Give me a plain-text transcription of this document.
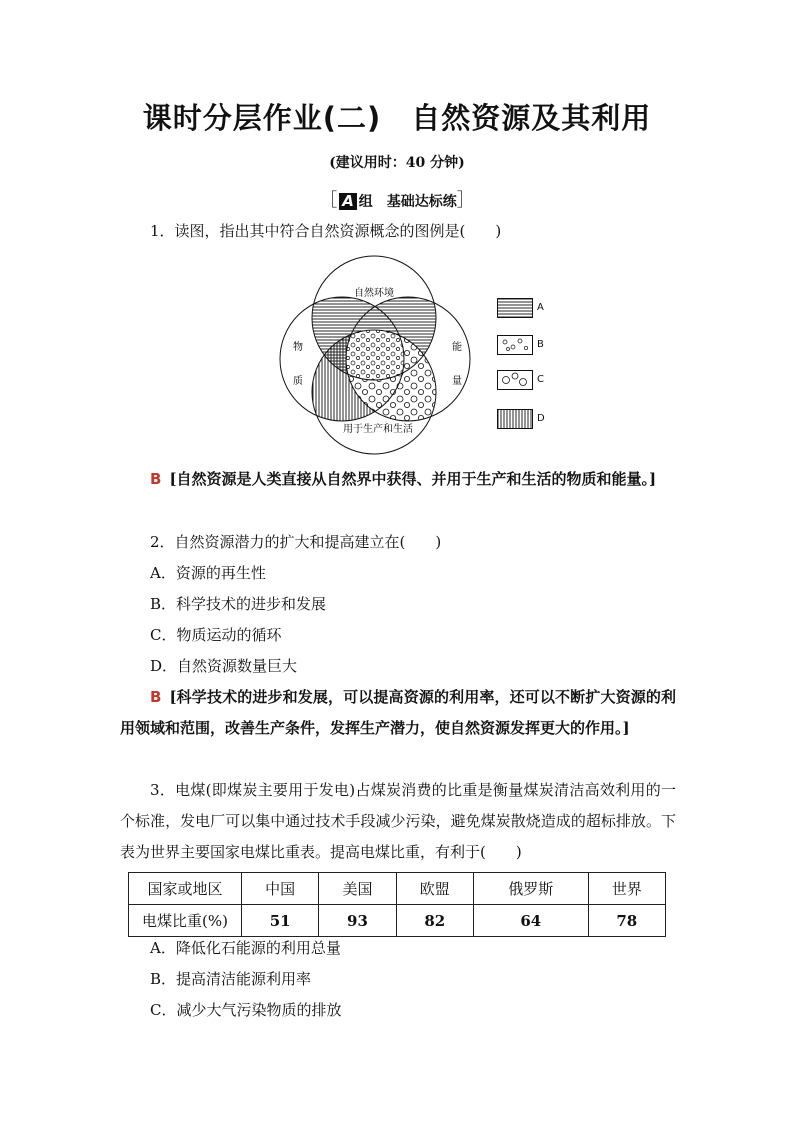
课时分层作业(二) 自然资源及其利用
(建议用时：40 分钟)
［ A 组　基础达标练］
1．读图，指出其中符合自然资源概念的图例是(　　)
自然环境
物
质
能
量
用于生产和生活
A
B
C
D
B [自然资源是人类直接从自然界中获得、并用于生产和生活的物质和能量。]
2．自然资源潜力的扩大和提高建立在(　　)
A．资源的再生性
B．科学技术的进步和发展
C．物质运动的循环
D．自然资源数量巨大
B [科学技术的进步和发展，可以提高资源的利用率，还可以不断扩大资源的利用领域和范围，改善生产条件，发挥生产潜力，使自然资源发挥更大的作用。]
3．电煤(即煤炭主要用于发电)占煤炭消费的比重是衡量煤炭清洁高效利用的一个标准，发电厂可以集中通过技术手段减少污染，避免煤炭散烧造成的超标排放。下表为世界主要国家电煤比重表。提高电煤比重，有利于(　　)
国家或地区	中国	美国	欧盟	俄罗斯	世界
电煤比重(%)	51	93	82	64	78
A．降低化石能源的利用总量
B．提高清洁能源利用率
C．减少大气污染物质的排放
